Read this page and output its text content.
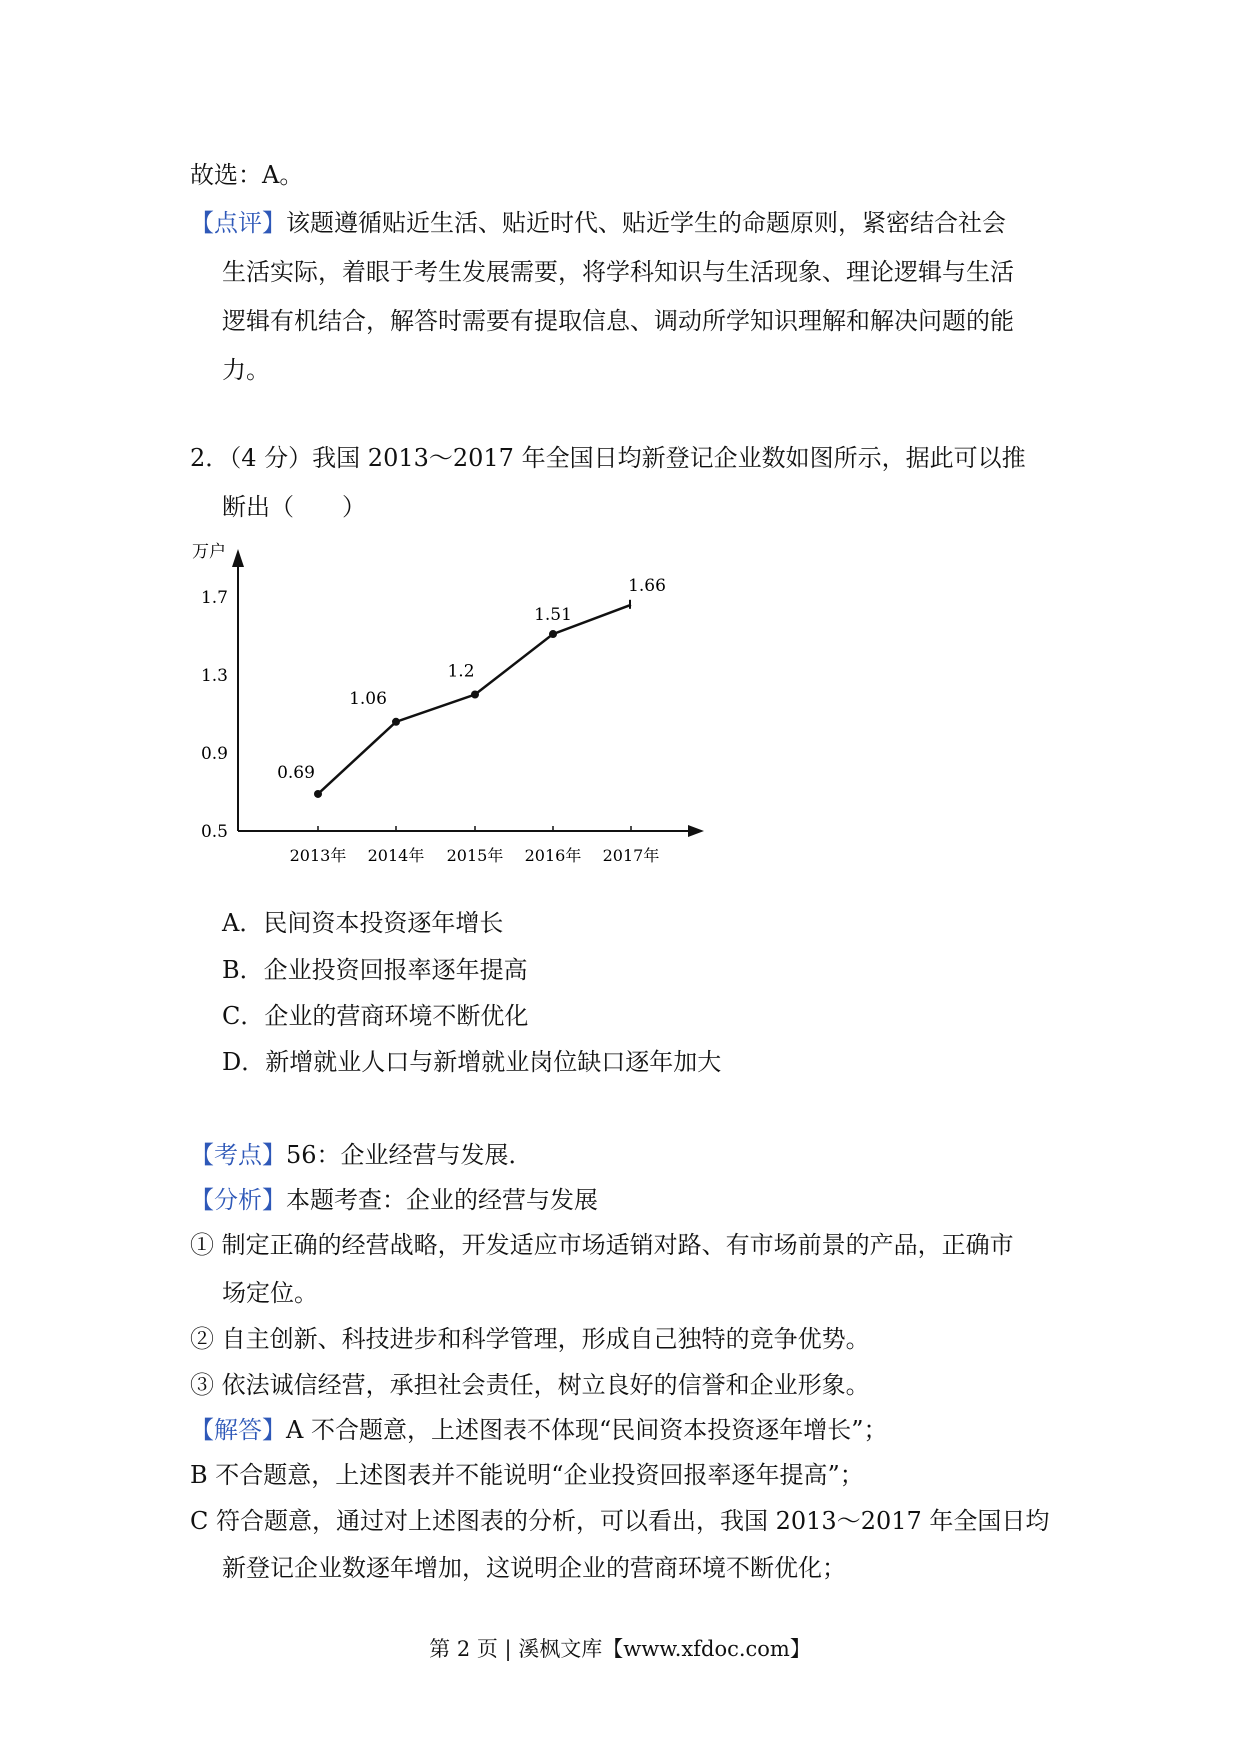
故选：A。
【点评】该题遵循贴近生活、贴近时代、贴近学生的命题原则，紧密结合社会
生活实际，着眼于考生发展需要，将学科知识与生活现象、理论逻辑与生活
逻辑有机结合，解答时需要有提取信息、调动所学知识理解和解决问题的能
力。
2．（4 分）我国 2013～2017 年全国日均新登记企业数如图所示，据此可以推
断出（　　）
万户
0.5
0.9
1.3
1.7
2013年 2014年 2015年 2016年 2017年
0.69
1.06
1.2
1.51
1.66
A．民间资本投资逐年增长
B．企业投资回报率逐年提高
C．企业的营商环境不断优化
D．新增就业人口与新增就业岗位缺口逐年加大
【考点】56：企业经营与发展．
【分析】本题考查：企业的经营与发展
① 制定正确的经营战略，开发适应市场适销对路、有市场前景的产品，正确市
场定位。
② 自主创新、科技进步和科学管理，形成自己独特的竞争优势。
③ 依法诚信经营，承担社会责任，树立良好的信誉和企业形象。
【解答】A 不合题意，上述图表不体现“民间资本投资逐年增长”；
B 不合题意，上述图表并不能说明“企业投资回报率逐年提高”；
C 符合题意，通过对上述图表的分析，可以看出，我国 2013～2017 年全国日均
新登记企业数逐年增加，这说明企业的营商环境不断优化；
第 2 页 | 溪枫文库【www.xfdoc.com】
